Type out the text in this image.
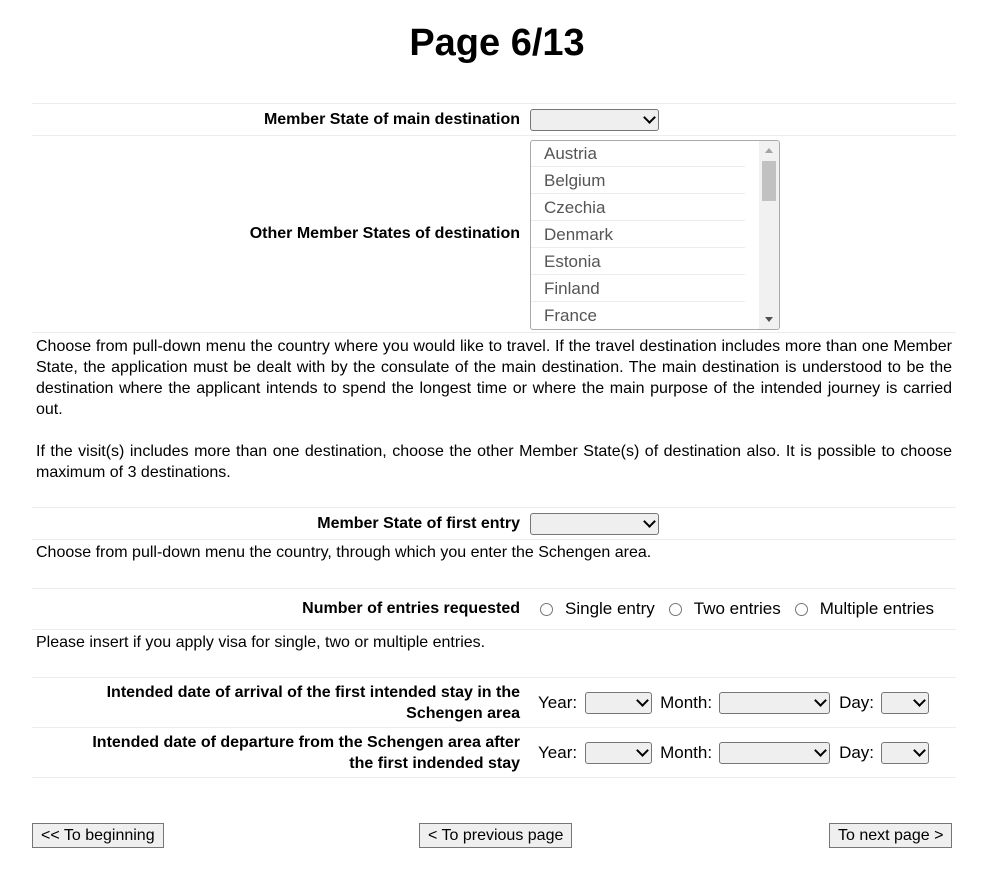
Page 6/13
Member State of main destination
Other Member States of destination
Austria
Belgium
Czechia
Denmark
Estonia
Finland
France

Choose from pull-down menu the country where you would like to travel. If the travel destination includes more than one Member State, the application must be dealt with by the consulate of the main destination. The main destination is understood to be the destination where the applicant intends to spend the longest time or where the main purpose of the intended journey is carried out.

If the visit(s) includes more than one destination, choose the other Member State(s) of destination also. It is possible to choose maximum of 3 destinations.

Member State of first entry

Choose from pull-down menu the country, through which you enter the Schengen area.

Number of entries requested	Single entry Two entries Multiple entries

Please insert if you apply visa for single, two or multiple entries.

Intended date of arrival of the first intended stay in the
Schengen area
Year:	Month:	Day:
Intended date of departure from the Schengen area after
the first indended stay
Year:	Month:	Day:
<< To beginning	< To previous page	To next page >
